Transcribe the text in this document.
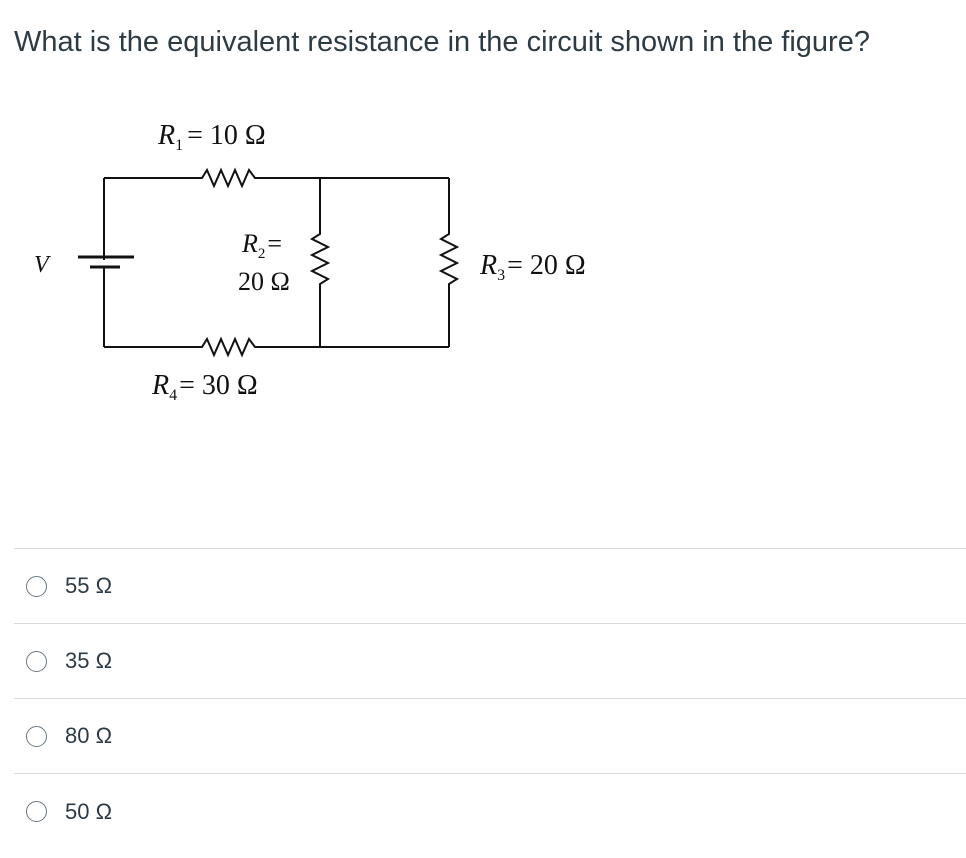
What is the equivalent resistance in the circuit shown in the figure?
V
$R_1 = 10$ Ω
$R_2=$
20 Ω
$R_3= 20$ Ω
$R_4= 30$ Ω
55 Ω
35 Ω
80 Ω
50 Ω
